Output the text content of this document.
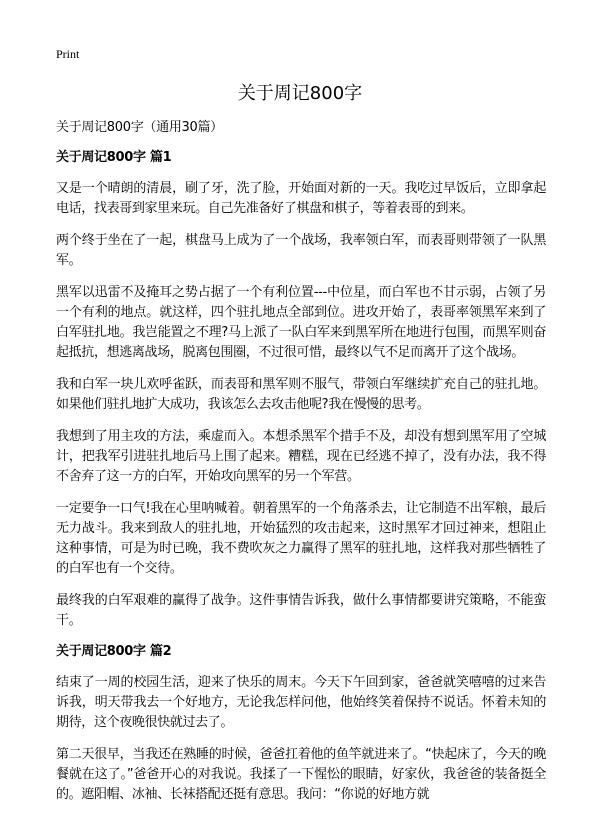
Print
关于周记800字

关于周记800字（通用30篇）

关于周记800字 篇1

又是一个晴朗的清晨，刷了牙，洗了脸，开始面对新的一天。我吃过早饭后，立即拿起电话，找表哥到家里来玩。自己先准备好了棋盘和棋子，等着表哥的到来。

两个终于坐在了一起，棋盘马上成为了一个战场，我率领白军，而表哥则带领了一队黑军。

黑军以迅雷不及掩耳之势占据了一个有利位置---中位星，而白军也不甘示弱，占领了另一个有利的地点。就这样，四个驻扎地点全部到位。进攻开始了，表哥率领黑军来到了白军驻扎地。我岂能置之不理?马上派了一队白军来到黑军所在地进行包围，而黑军则奋起抵抗，想逃离战场，脱离包围圈，不过很可惜，最终以气不足而离开了这个战场。

我和白军一块儿欢呼雀跃，而表哥和黑军则不服气，带领白军继续扩充自己的驻扎地。如果他们驻扎地扩大成功，我该怎么去攻击他呢?我在慢慢的思考。

我想到了用主攻的方法，乘虚而入。本想杀黑军个措手不及，却没有想到黑军用了空城计，把我军引进驻扎地后马上围了起来。糟糕，现在已经逃不掉了，没有办法，我不得不舍弃了这一方的白军，开始攻向黑军的另一个军营。

一定要争一口气!我在心里呐喊着。朝着黑军的一个角落杀去，让它制造不出军粮，最后无力战斗。我来到敌人的驻扎地，开始猛烈的攻击起来，这时黑军才回过神来，想阻止这种事情，可是为时已晚，我不费吹灰之力赢得了黑军的驻扎地，这样我对那些牺牲了的白军也有一个交待。

最终我的白军艰难的赢得了战争。这件事情告诉我，做什么事情都要讲究策略，不能蛮干。

关于周记800字 篇2

结束了一周的校园生活，迎来了快乐的周末。今天下午回到家，爸爸就笑嘻嘻的过来告诉我，明天带我去一个好地方，无论我怎样问他，他始终笑着保持不说话。怀着未知的期待，这个夜晚很快就过去了。

第二天很早，当我还在熟睡的时候，爸爸扛着他的鱼竿就进来了。“快起床了，今天的晚餐就在这了。”爸爸开心的对我说。我揉了一下惺忪的眼睛，好家伙，我爸爸的装备挺全的。遮阳帽、冰袖、长袜搭配还挺有意思。我问：“你说的好地方就
